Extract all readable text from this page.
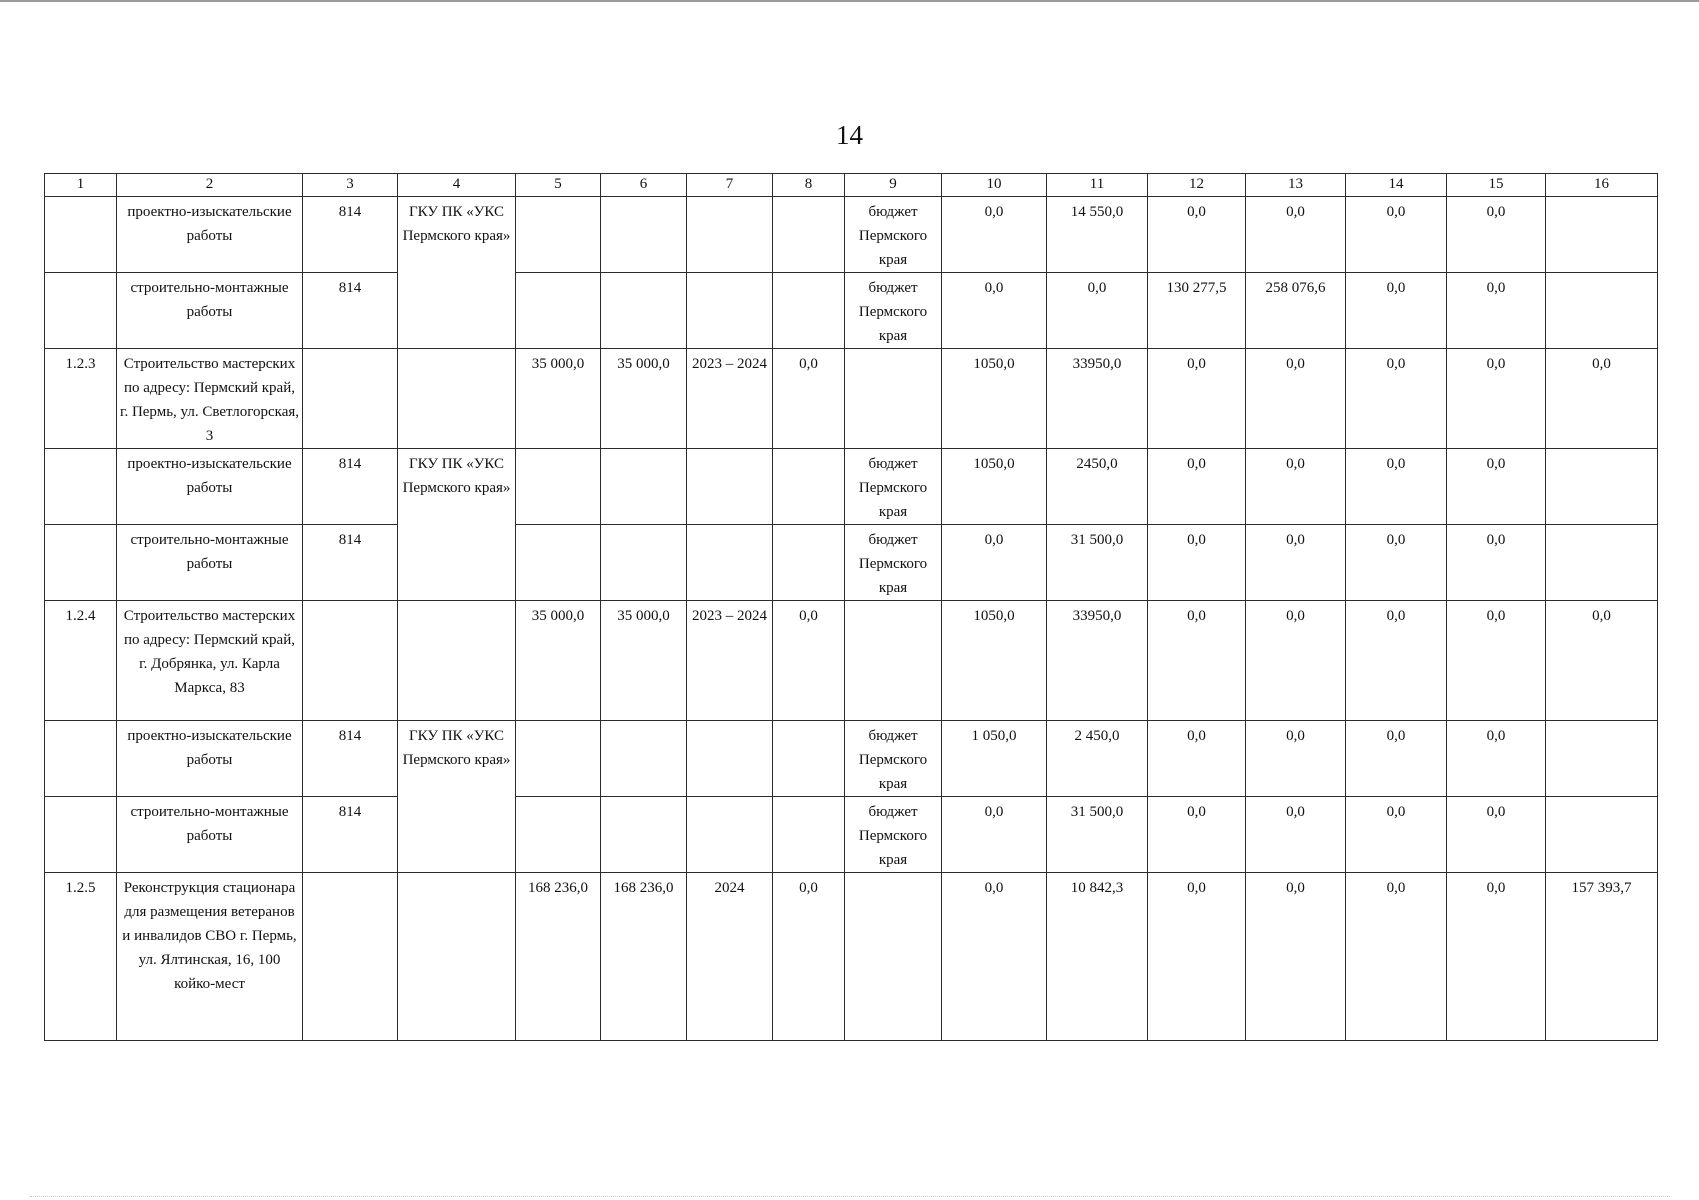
14
1	2	3	4	5	6	7	8	9	10	11	12	13	14	15	16
	проектно-изыскательские работы	814	ГКУ ПК «УКС Пермского края»					бюджет Пермского края	0,0	14 550,0	0,0	0,0	0,0	0,0	
	строительно-монтажные работы	814						бюджет Пермского края	0,0	0,0	130 277,5	258 076,6	0,0	0,0	
1.2.3	Строительство мастерских по адресу: Пермский край, г. Пермь, ул. Светлогорская, 3			35 000,0	35 000,0	2023 – 2024	0,0		1050,0	33950,0	0,0	0,0	0,0	0,0	0,0
	проектно-изыскательские работы	814	ГКУ ПК «УКС Пермского края»					бюджет Пермского края	1050,0	2450,0	0,0	0,0	0,0	0,0	
	строительно-монтажные работы	814						бюджет Пермского края	0,0	31 500,0	0,0	0,0	0,0	0,0	
1.2.4	Строительство мастерских по адресу: Пермский край, г. Добрянка, ул. Карла Маркса, 83			35 000,0	35 000,0	2023 – 2024	0,0		1050,0	33950,0	0,0	0,0	0,0	0,0	0,0
	проектно-изыскательские работы	814	ГКУ ПК «УКС Пермского края»					бюджет Пермского края	1 050,0	2 450,0	0,0	0,0	0,0	0,0	
	строительно-монтажные работы	814						бюджет Пермского края	0,0	31 500,0	0,0	0,0	0,0	0,0	
1.2.5	Реконструкция стационара для размещения ветеранов и инвалидов СВО г. Пермь, ул. Ялтинская, 16, 100 койко-мест			168 236,0	168 236,0	2024	0,0		0,0	10 842,3	0,0	0,0	0,0	0,0	157 393,7
